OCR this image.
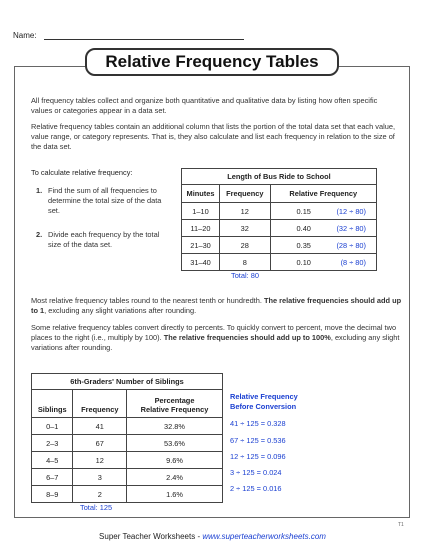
Name:
Relative Frequency Tables
All frequency tables collect and organize both quantitative and qualitative data by listing how often specific values or categories appear in a data set.
Relative frequency tables contain an additional column that lists the portion of the total data set that each value, value range, or category represents. That is, they also calculate and list each frequency in relation to the size of the data set.
To calculate relative frequency:
1. Find the sum of all frequencies to determine the total size of the data set.
2. Divide each frequency by the total size of the data set.
Length of Bus Ride to School		
Minutes	Frequency	Relative Frequency
1–10	12	0.15 (12 ÷ 80)

11–20	32	0.40 (32 ÷ 80)

21–30	28	0.35 (28 ÷ 80)

31–40	8	0.10 (8 ÷ 80)
Total: 80
Most relative frequency tables round to the nearest tenth or hundredth. The relative frequencies should add up to 1, excluding any slight variations after rounding.
Some relative frequency tables convert directly to percents. To quickly convert to percent, move the decimal two places to the right (i.e., multiply by 100). The relative frequencies should add up to 100%, excluding any slight variations after rounding.
6th-Graders' Number of Siblings		
Siblings	Frequency	Percentage
Relative Frequency
0–1	41	32.8%
2–3	67	53.6%
4–5	12	9.6%
6–7	3	2.4%
8–9	2	1.6%
Total: 125
Relative Frequency
Before Conversion
41 ÷ 125 = 0.328
67 ÷ 125 = 0.536
12 ÷ 125 = 0.096
3 ÷ 125 = 0.024
2 ÷ 125 = 0.016
T1
Super Teacher Worksheets - www.superteacherworksheets.com
